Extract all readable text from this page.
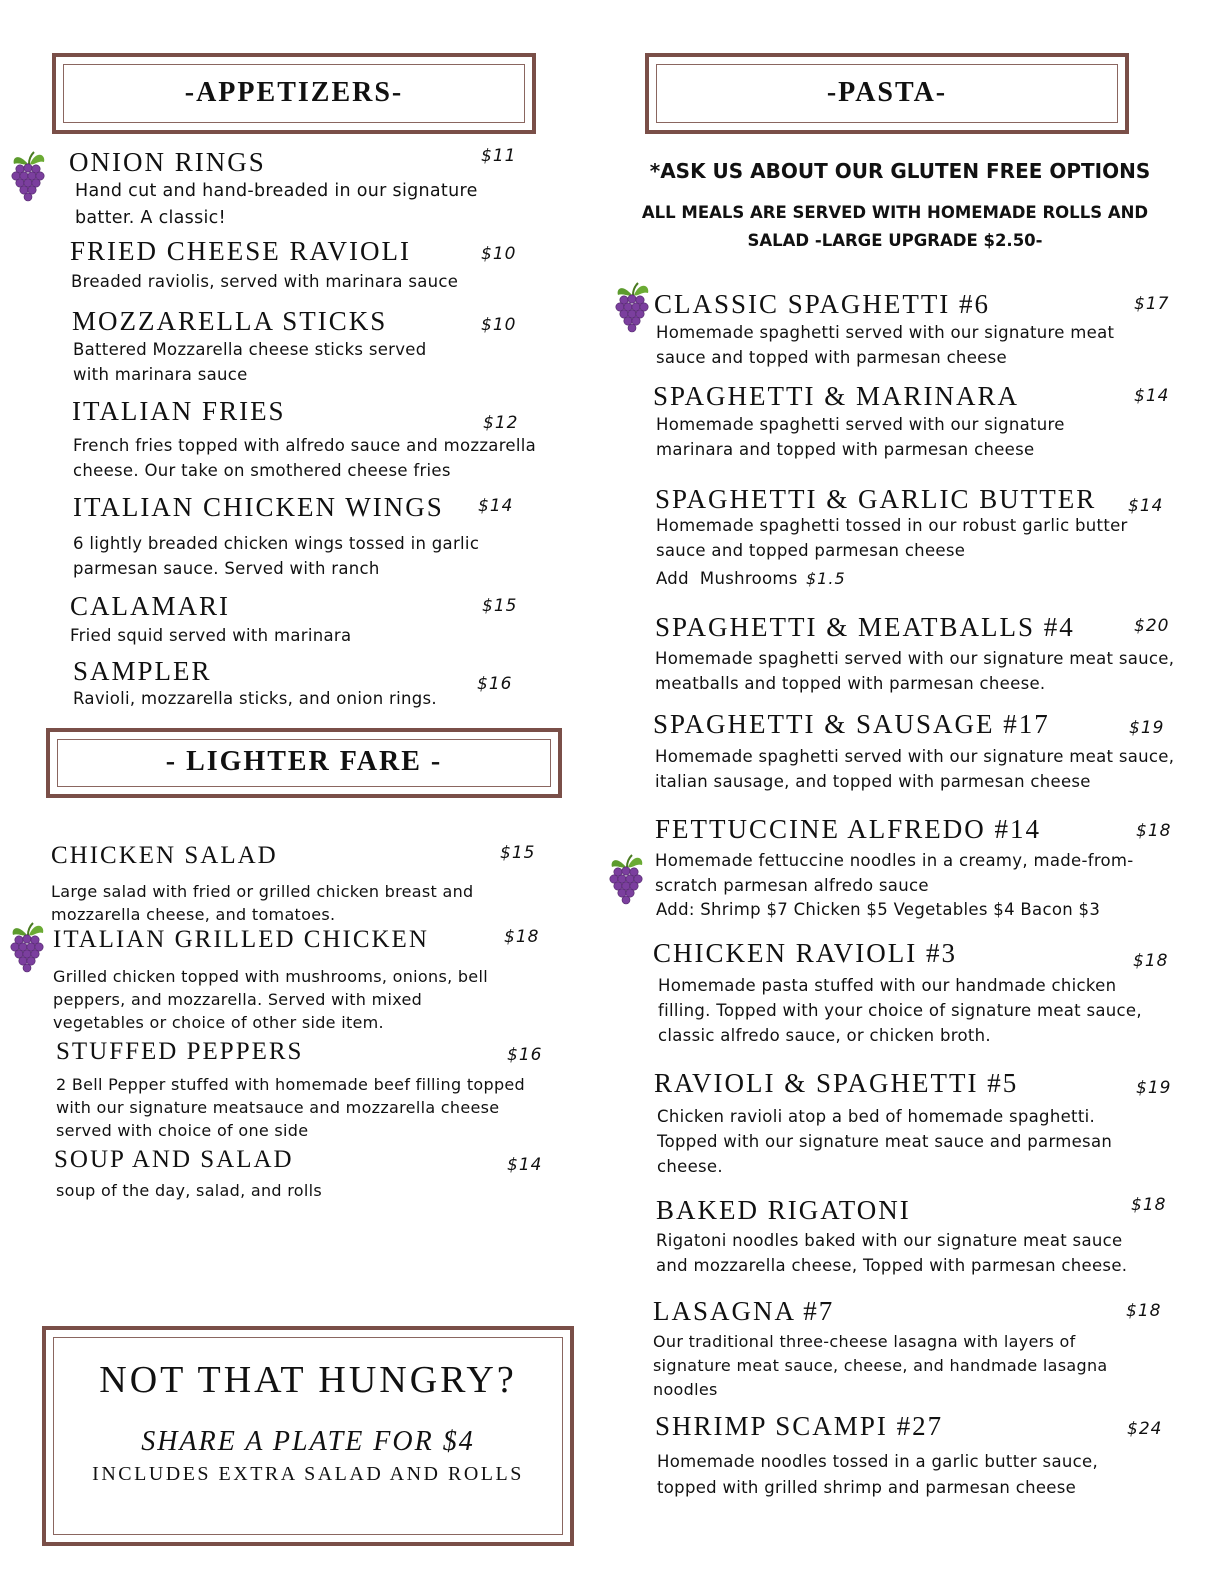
-APPETIZERS-
ONION RINGS	$11

Hand cut and hand-breaded in our signature batter. A classic!

FRIED CHEESE RAVIOLI	$10

Breaded raviolis, served with marinara sauce

MOZZARELLA STICKS	$10

Battered Mozzarella cheese sticks served with marinara sauce

ITALIAN FRIES	$12

French fries topped with alfredo sauce and mozzarella cheese. Our take on smothered cheese fries

ITALIAN CHICKEN WINGS $14

6 lightly breaded chicken wings tossed in garlic parmesan sauce. Served with ranch

CALAMARI	$15

Fried squid served with marinara

SAMPLER	$16

Ravioli, mozzarella sticks, and onion rings.

- LIGHTER FARE -
CHICKEN SALAD	$15

Large salad with fried or grilled chicken breast and mozzarella cheese, and tomatoes.

ITALIAN GRILLED CHICKEN	$18

Grilled chicken topped with mushrooms, onions, bell peppers, and mozzarella. Served with mixed vegetables or choice of other side item.

STUFFED PEPPERS	$16

2 Bell Pepper stuffed with homemade beef filling topped with our signature meatsauce and mozzarella cheese served with choice of one side

SOUP AND SALAD	$14

soup of the day, salad, and rolls

NOT THAT HUNGRY?
SHARE A PLATE FOR $4
INCLUDES EXTRA SALAD AND ROLLS
-PASTA-

*ASK US ABOUT OUR GLUTEN FREE OPTIONS

ALL MEALS ARE SERVED WITH HOMEMADE ROLLS AND

SALAD -LARGE UPGRADE $2.50-

CLASSIC SPAGHETTI #6	$17

Homemade spaghetti served with our signature meat sauce and topped with parmesan cheese

SPAGHETTI & MARINARA	$14

Homemade spaghetti served with our signature marinara and topped with parmesan cheese

SPAGHETTI & GARLIC BUTTER $14

Homemade spaghetti tossed in our robust garlic butter sauce and topped parmesan cheese

Add  Mushrooms $1.5
SPAGHETTI & MEATBALLS #4	$20

Homemade spaghetti served with our signature meat sauce, meatballs and topped with parmesan cheese.

SPAGHETTI & SAUSAGE #17	$19

Homemade spaghetti served with our signature meat sauce, italian sausage, and topped with parmesan cheese

FETTUCCINE ALFREDO #14	$18

Homemade fettuccine noodles in a creamy, made-from-scratch parmesan alfredo sauce

Add: Shrimp $7 Chicken $5 Vegetables $4 Bacon $3
CHICKEN RAVIOLI #3	$18

Homemade pasta stuffed with our handmade chicken filling. Topped with your choice of signature meat sauce, classic alfredo sauce, or chicken broth.

RAVIOLI & SPAGHETTI #5	$19

Chicken ravioli atop a bed of homemade spaghetti. Topped with our signature meat sauce and parmesan cheese.

BAKED RIGATONI	$18

Rigatoni noodles baked with our signature meat sauce and mozzarella cheese, Topped with parmesan cheese.

LASAGNA #7	$18

Our traditional three-cheese lasagna with layers of signature meat sauce, cheese, and handmade lasagna noodles

SHRIMP SCAMPI #27	$24

Homemade noodles tossed in a garlic butter sauce, topped with grilled shrimp and parmesan cheese
